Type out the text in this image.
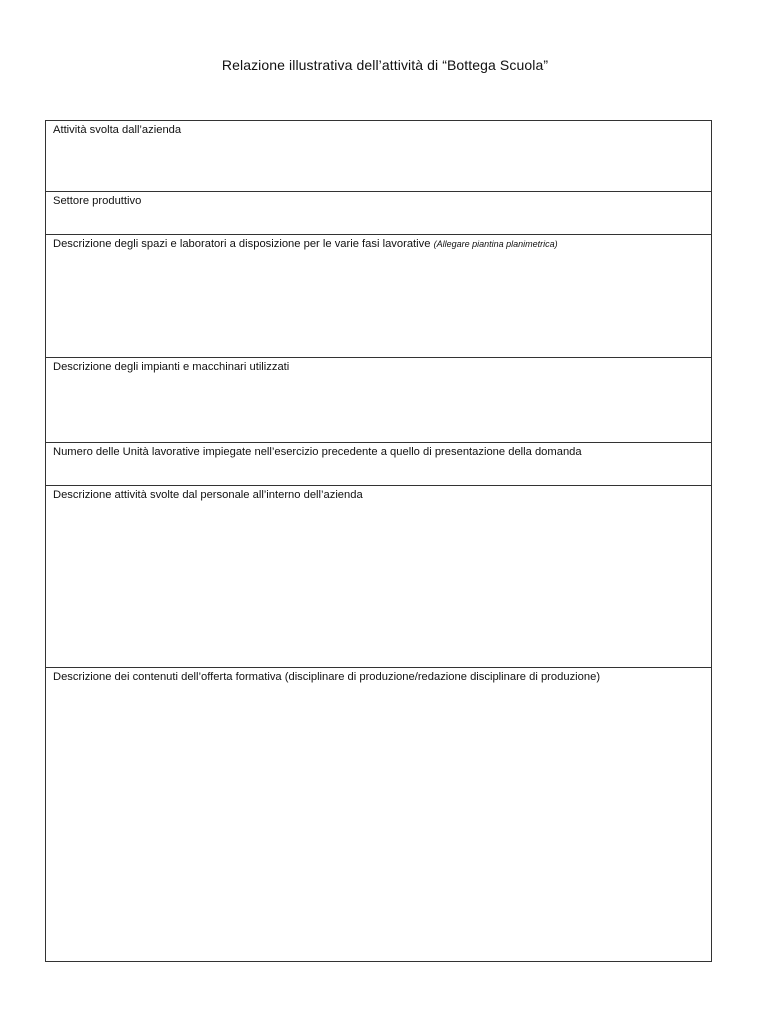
Relazione illustrativa dell’attività di “Bottega Scuola”
Attività svolta dall’azienda
Settore produttivo
Descrizione degli spazi e laboratori a disposizione per le varie fasi lavorative (Allegare piantina planimetrica)
Descrizione degli impianti e macchinari utilizzati
Numero delle Unità lavorative impiegate nell’esercizio precedente a quello di presentazione della domanda
Descrizione attività svolte dal personale all’interno dell’azienda
Descrizione dei contenuti dell’offerta formativa (disciplinare di produzione/redazione disciplinare di produzione)
